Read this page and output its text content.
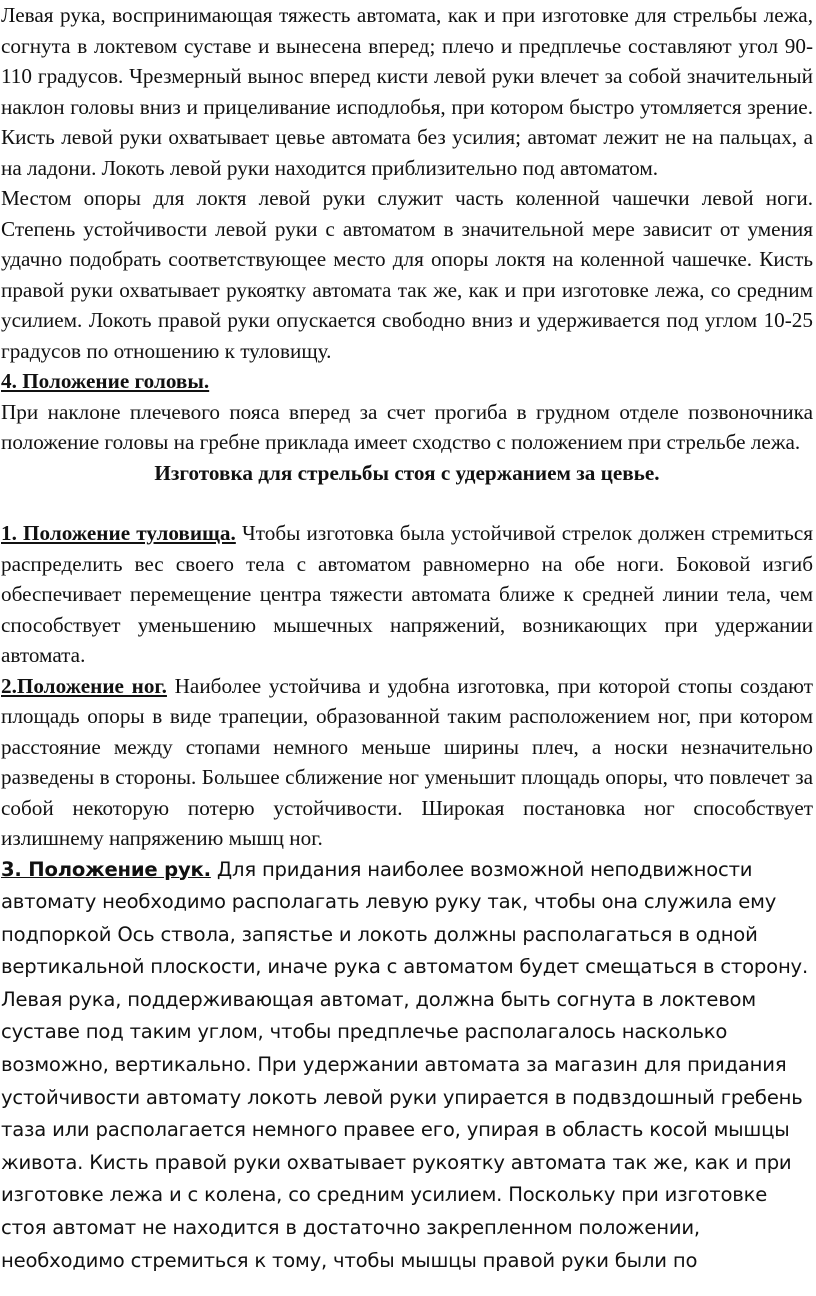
Левая рука, воспринимающая тяжесть автомата, как и при изготовке для стрельбы лежа, согнута в локтевом суставе и вынесена вперед; плечо и предплечье составляют угол 90-110 градусов. Чрезмерный вынос вперед кисти левой руки влечет за собой значительный наклон головы вниз и прицеливание исподлобья, при котором быстро утомляется зрение. Кисть левой руки охватывает цевье автомата без усилия; автомат лежит не на пальцах, а на ладони. Локоть левой руки находится приблизительно под автоматом.

Местом опоры для локтя левой руки служит часть коленной чашечки левой ноги. Степень устойчивости левой руки с автоматом в значительной мере зависит от умения удачно подобрать соответствующее место для опоры локтя на коленной чашечке. Кисть правой руки охватывает рукоятку автомата так же, как и при изготовке лежа, со средним усилием. Локоть правой руки опускается свободно вниз и удерживается под углом 10-25 градусов по отношению к туловищу.

4. Положение головы.

При наклоне плечевого пояса вперед за счет прогиба в грудном отделе позвоночника положение головы на гребне приклада имеет сходство с положением при стрельбе лежа.

Изготовка для стрельбы стоя с удержанием за цевье.

1. Положение туловища. Чтобы изготовка была устойчивой стрелок должен стремиться распределить вес своего тела с автоматом равномерно на обе ноги. Боковой изгиб обеспечивает перемещение центра тяжести автомата ближе к средней линии тела, чем способствует уменьшению мышечных напряжений, возникающих при удержании автомата.

2.Положение ног. Наиболее устойчива и удобна изготовка, при которой стопы создают площадь опоры в виде трапеции, образованной таким расположением ног, при котором расстояние между стопами немного меньше ширины плеч, а носки незначительно разведены в стороны. Большее сближение ног уменьшит площадь опоры, что повлечет за собой некоторую потерю устойчивости. Широкая постановка ног способствует излишнему напряжению мышц ног.

3. Положение рук. Для придания наиболее возможной неподвижности
автомату необходимо располагать левую руку так, чтобы она служила ему
подпоркой Ось ствола, запястье и локоть должны располагаться в одной
вертикальной плоскости, иначе рука с автоматом будет смещаться в сторону.
Левая рука, поддерживающая автомат, должна быть согнута в локтевом
суставе под таким углом, чтобы предплечье располагалось насколько
возможно, вертикально. При удержании автомата за магазин для придания
устойчивости автомату локоть левой руки упирается в подвздошный гребень
таза или располагается немного правее его, упирая в область косой мышцы
живота. Кисть правой руки охватывает рукоятку автомата так же, как и при
изготовке лежа и с колена, со средним усилием. Поскольку при изготовке
стоя автомат не находится в достаточно закрепленном положении,
необходимо стремиться к тому, чтобы мышцы правой руки были по
